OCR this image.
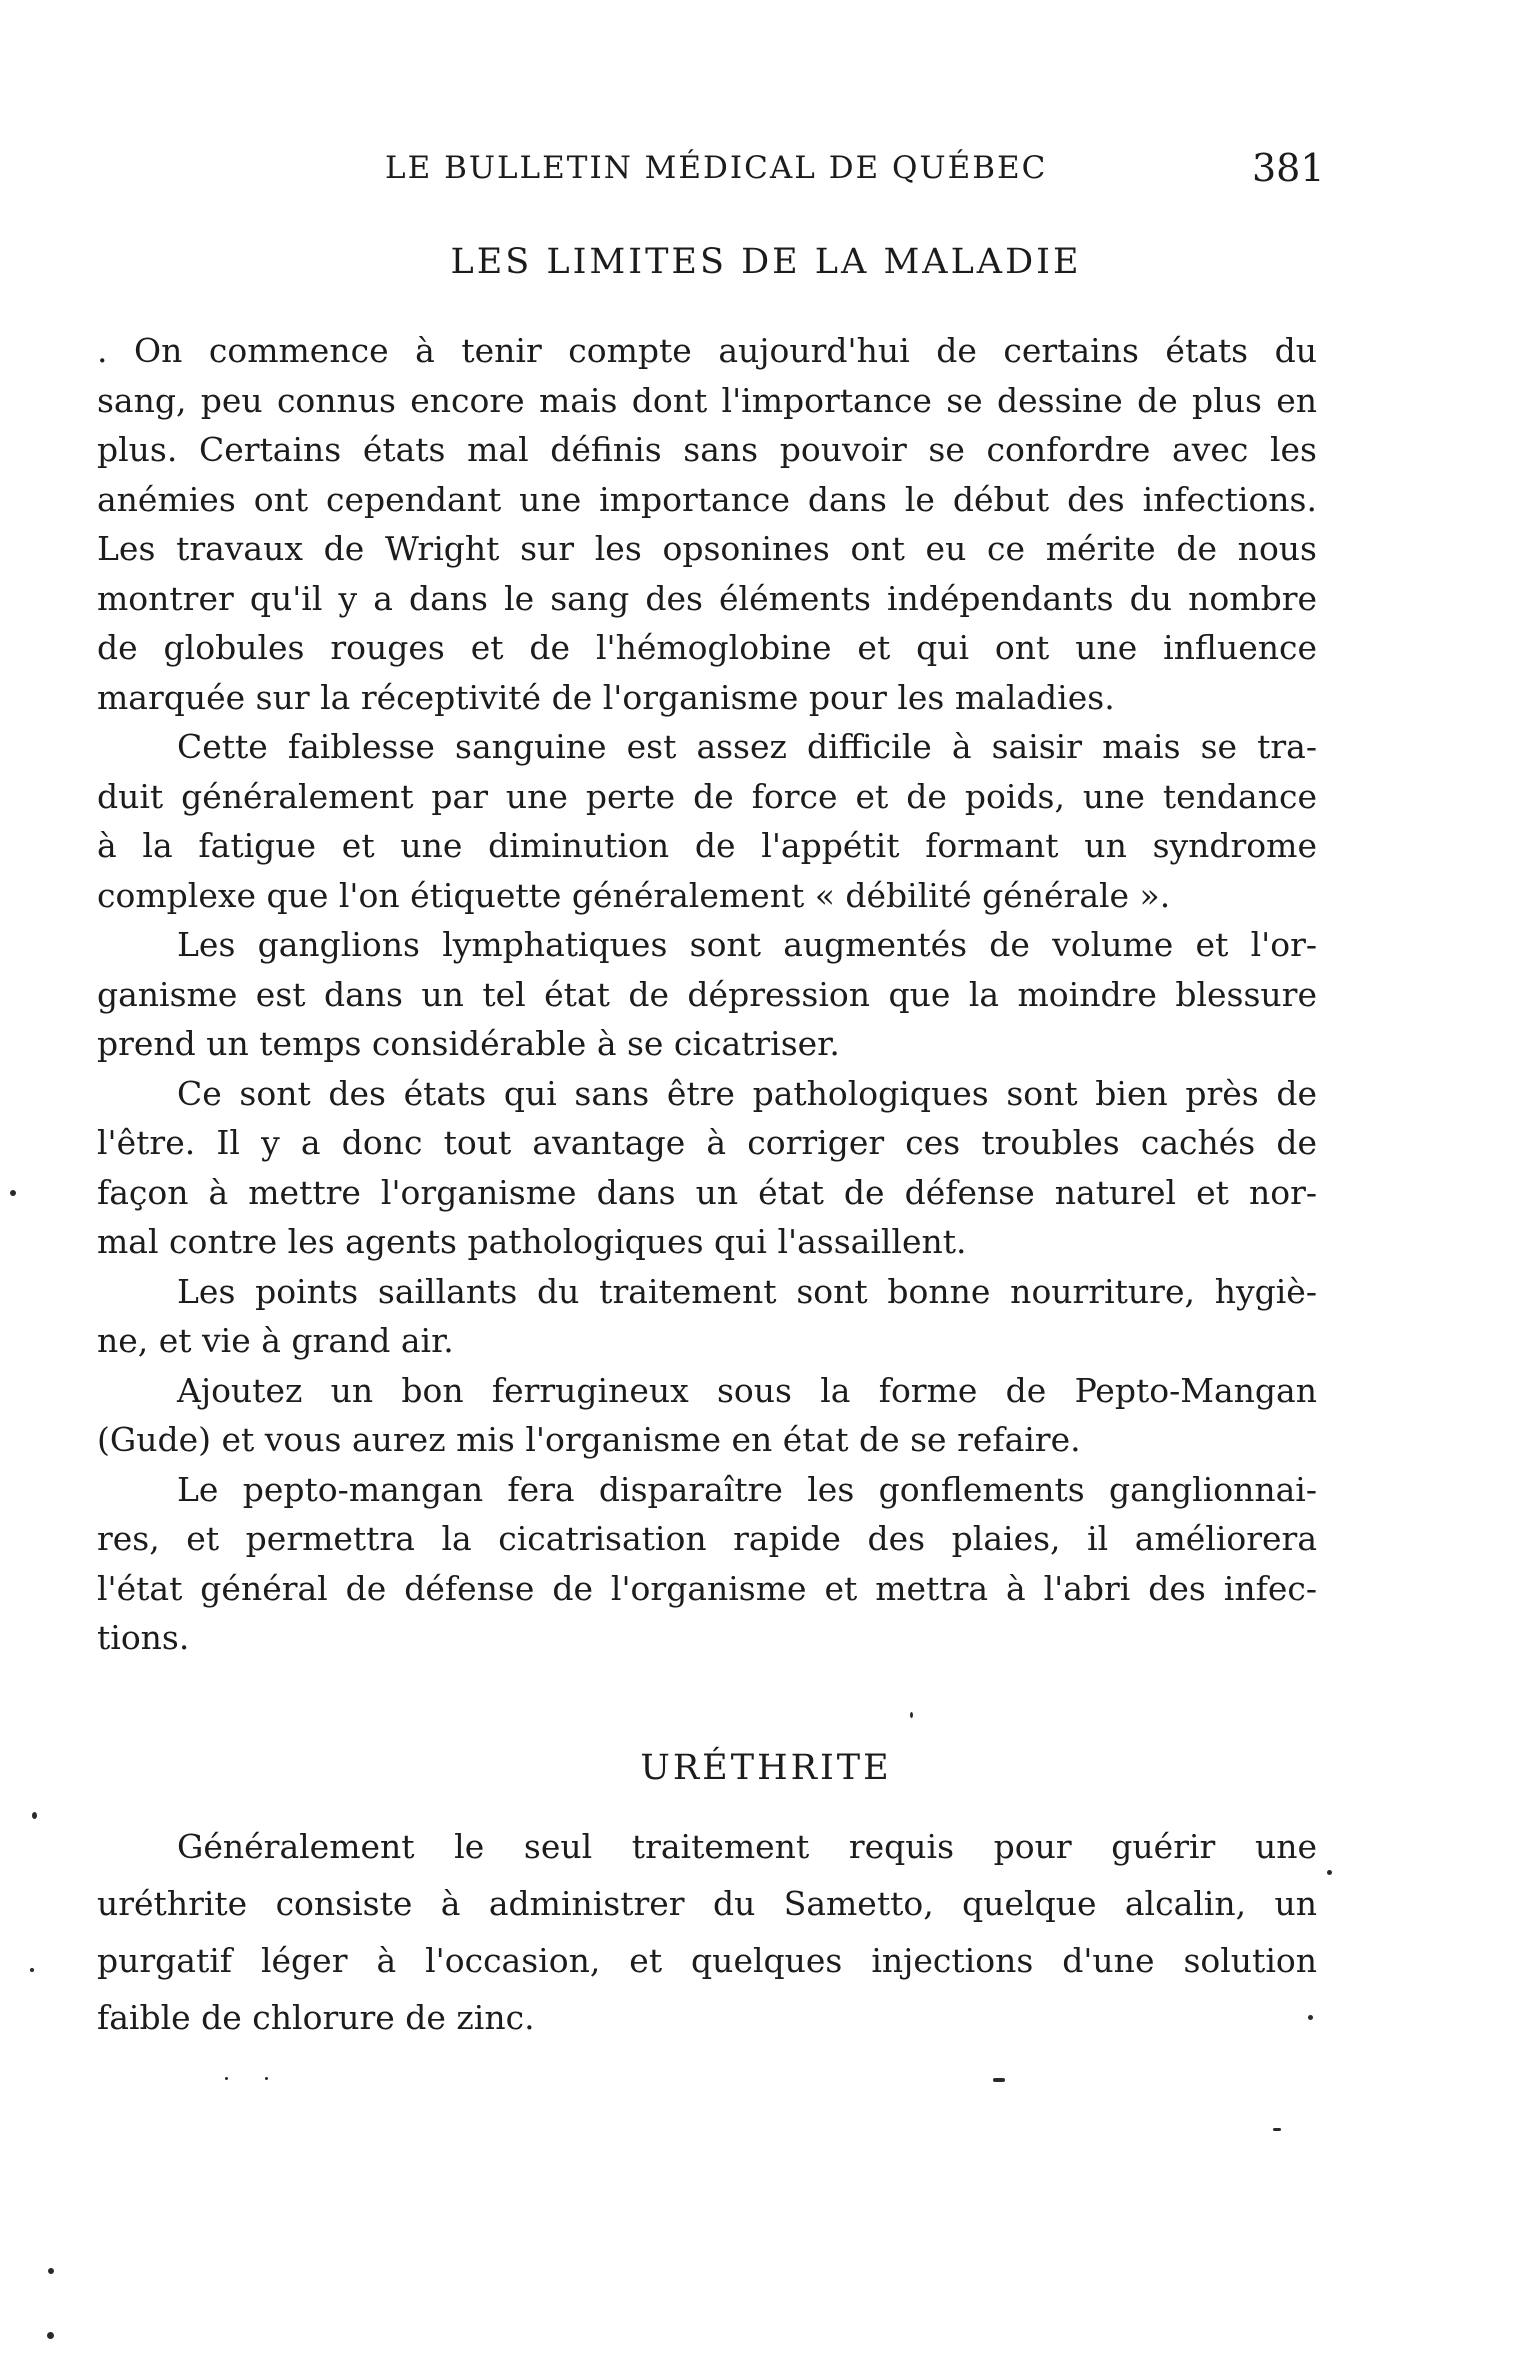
LE BULLETIN MÉDICAL DE QUÉBEC	381
LES LIMITES DE LA MALADIE
. On commence à tenir compte aujourd'hui de certains états du
sang, peu connus encore mais dont l'importance se dessine de plus en
plus. Certains états mal définis sans pouvoir se confordre avec les
anémies ont cependant une importance dans le début des infections.
Les travaux de Wright sur les opsonines ont eu ce mérite de nous
montrer qu'il y a dans le sang des éléments indépendants du nombre
de globules rouges et de l'hémoglobine et qui ont une influence
marquée sur la réceptivité de l'organisme pour les maladies.
Cette faiblesse sanguine est assez difficile à saisir mais se tra-
duit généralement par une perte de force et de poids, une tendance
à la fatigue et une diminution de l'appétit formant un syndrome
complexe que l'on étiquette généralement « débilité générale ».
Les ganglions lymphatiques sont augmentés de volume et l'or-
ganisme est dans un tel état de dépression que la moindre blessure
prend un temps considérable à se cicatriser.
Ce sont des états qui sans être pathologiques sont bien près de
l'être. Il y a donc tout avantage à corriger ces troubles cachés de
façon à mettre l'organisme dans un état de défense naturel et nor-
mal contre les agents pathologiques qui l'assaillent.
Les points saillants du traitement sont bonne nourriture, hygiè-
ne, et vie à grand air.
Ajoutez un bon ferrugineux sous la forme de Pepto-Mangan
(Gude) et vous aurez mis l'organisme en état de se refaire.
Le pepto-mangan fera disparaître les gonflements ganglionnai-
res, et permettra la cicatrisation rapide des plaies, il améliorera
l'état général de défense de l'organisme et mettra à l'abri des infec-
tions.
URÉTHRITE
Généralement le seul traitement requis pour guérir une
uréthrite consiste à administrer du Sametto, quelque alcalin, un
purgatif léger à l'occasion, et quelques injections d'une solution
faible de chlorure de zinc.
